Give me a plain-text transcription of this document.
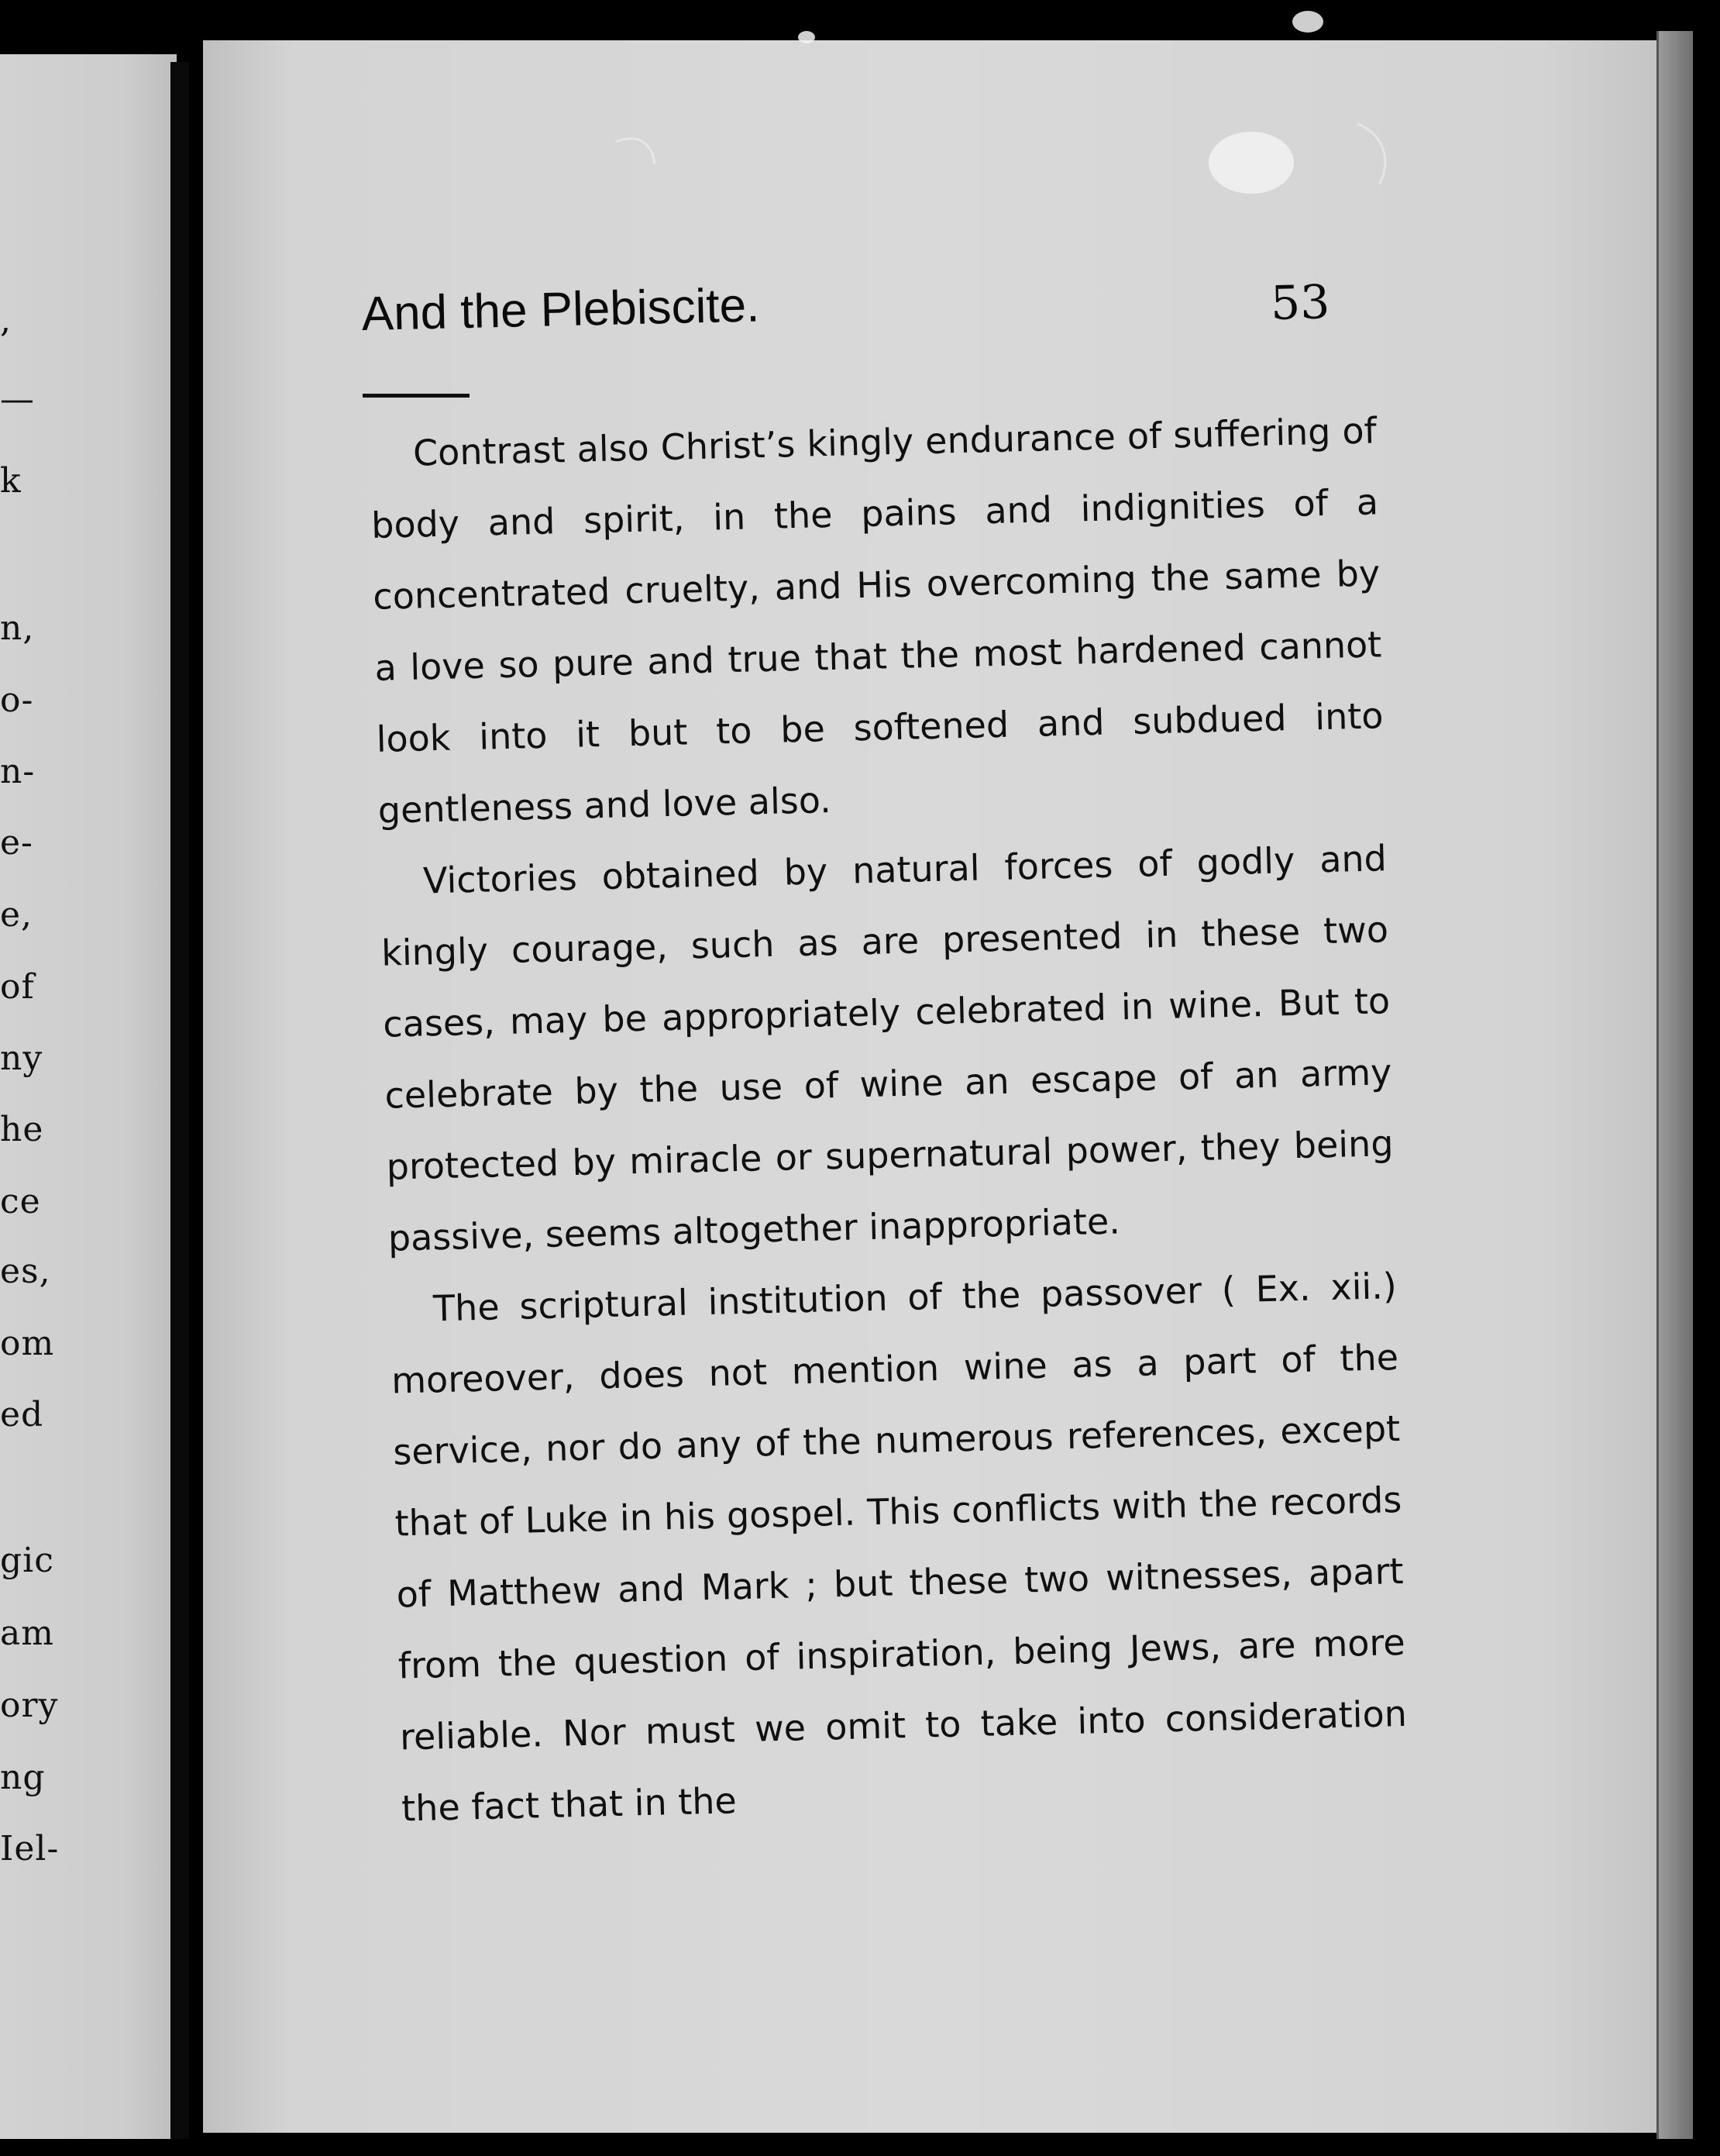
,
—
k
n,
o-
n-
e-
e,
of
ny
he
ce
es,
om
ed
gic
am
ory
ng
Iel-
And the Plebiscite.	53

Contrast also Christ’s kingly endurance of suffering of body and spirit, in the pains and indignities of a concentrated cruelty, and His overcoming the same by a love so pure and true that the most hardened cannot look into it but to be softened and subdued into gentleness and love also.

Victories obtained by natural forces of godly and kingly courage, such as are presented in these two cases, may be appropriately celebrated in wine. But to celebrate by the use of wine an escape of an army protected by miracle or supernatural power, they being passive, seems altogether inappropriate.

The scriptural institution of the passover ( Ex. xii.) moreover, does not mention wine as a part of the service, nor do any of the numerous references, except that of Luke in his gospel. This conflicts with the records of Matthew and Mark ; but these two witnesses, apart from the question of inspiration, being Jews, are more reliable. Nor must we omit to take into consideration the fact that in the
